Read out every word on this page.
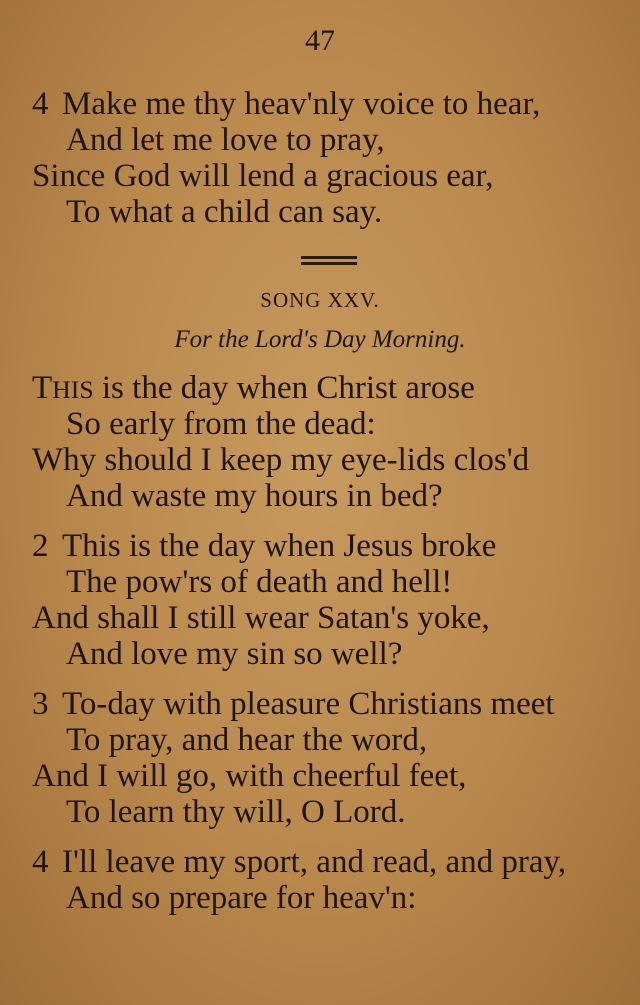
47
4 Make me thy heav'nly voice to hear,
And let me love to pray,
Since God will lend a gracious ear,
To what a child can say.
SONG XXV.
For the Lord's Day Morning.
THIS is the day when Christ arose
So early from the dead:
Why should I keep my eye-lids clos'd
And waste my hours in bed?
2 This is the day when Jesus broke
The pow'rs of death and hell!
And shall I still wear Satan's yoke,
And love my sin so well?
3 To-day with pleasure Christians meet
To pray, and hear the word,
And I will go, with cheerful feet,
To learn thy will, O Lord.
4 I'll leave my sport, and read, and pray,
And so prepare for heav'n:
